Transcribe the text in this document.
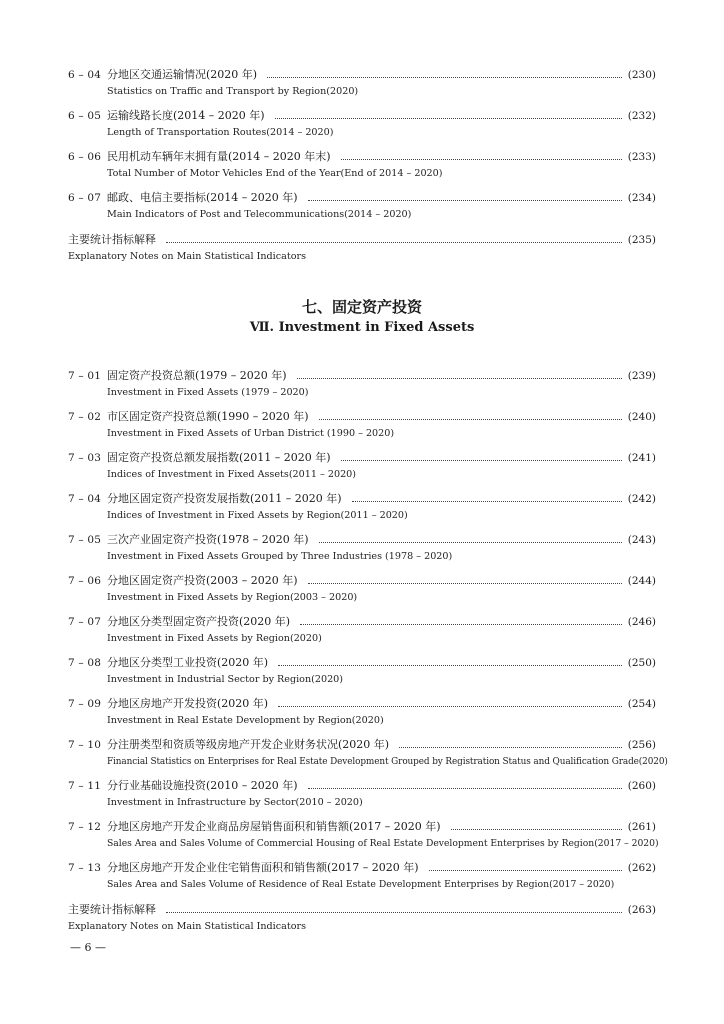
6 – 04 分地区交通运输情况(2020 年)	(230)
Statistics on Traffic and Transport by Region(2020)
6 – 05 运输线路长度(2014 – 2020 年)	(232)
Length of Transportation Routes(2014 – 2020)
6 – 06 民用机动车辆年末拥有量(2014 – 2020 年末)	(233)
Total Number of Motor Vehicles End of the Year(End of 2014 – 2020)
6 – 07 邮政、电信主要指标(2014 – 2020 年)	(234)
Main Indicators of Post and Telecommunications(2014 – 2020)
主要统计指标解释	(235)
Explanatory Notes on Main Statistical Indicators
七、固定资产投资
Ⅶ. Investment in Fixed Assets
7 – 01 固定资产投资总额(1979 – 2020 年)	(239)
Investment in Fixed Assets (1979 – 2020)
7 – 02 市区固定资产投资总额(1990 – 2020 年)	(240)
Investment in Fixed Assets of Urban District (1990 – 2020)
7 – 03 固定资产投资总额发展指数(2011 – 2020 年)	(241)
Indices of Investment in Fixed Assets(2011 – 2020)
7 – 04 分地区固定资产投资发展指数(2011 – 2020 年)	(242)
Indices of Investment in Fixed Assets by Region(2011 – 2020)
7 – 05 三次产业固定资产投资(1978 – 2020 年)	(243)
Investment in Fixed Assets Grouped by Three Industries (1978 – 2020)
7 – 06 分地区固定资产投资(2003 – 2020 年)	(244)
Investment in Fixed Assets by Region(2003 – 2020)
7 – 07 分地区分类型固定资产投资(2020 年)	(246)
Investment in Fixed Assets by Region(2020)
7 – 08 分地区分类型工业投资(2020 年)	(250)
Investment in Industrial Sector by Region(2020)
7 – 09 分地区房地产开发投资(2020 年)	(254)
Investment in Real Estate Development by Region(2020)
7 – 10 分注册类型和资质等级房地产开发企业财务状况(2020 年)	(256)
Financial Statistics on Enterprises for Real Estate Development Grouped by Registration Status and Qualification Grade(2020)
7 – 11 分行业基础设施投资(2010 – 2020 年)	(260)
Investment in Infrastructure by Sector(2010 – 2020)
7 – 12 分地区房地产开发企业商品房屋销售面积和销售额(2017 – 2020 年)	(261)
Sales Area and Sales Volume of Commercial Housing of Real Estate Development Enterprises by Region(2017 – 2020)
7 – 13 分地区房地产开发企业住宅销售面积和销售额(2017 – 2020 年)	(262)
Sales Area and Sales Volume of Residence of Real Estate Development Enterprises by Region(2017 – 2020)
主要统计指标解释	(263)
Explanatory Notes on Main Statistical Indicators
— 6 —
